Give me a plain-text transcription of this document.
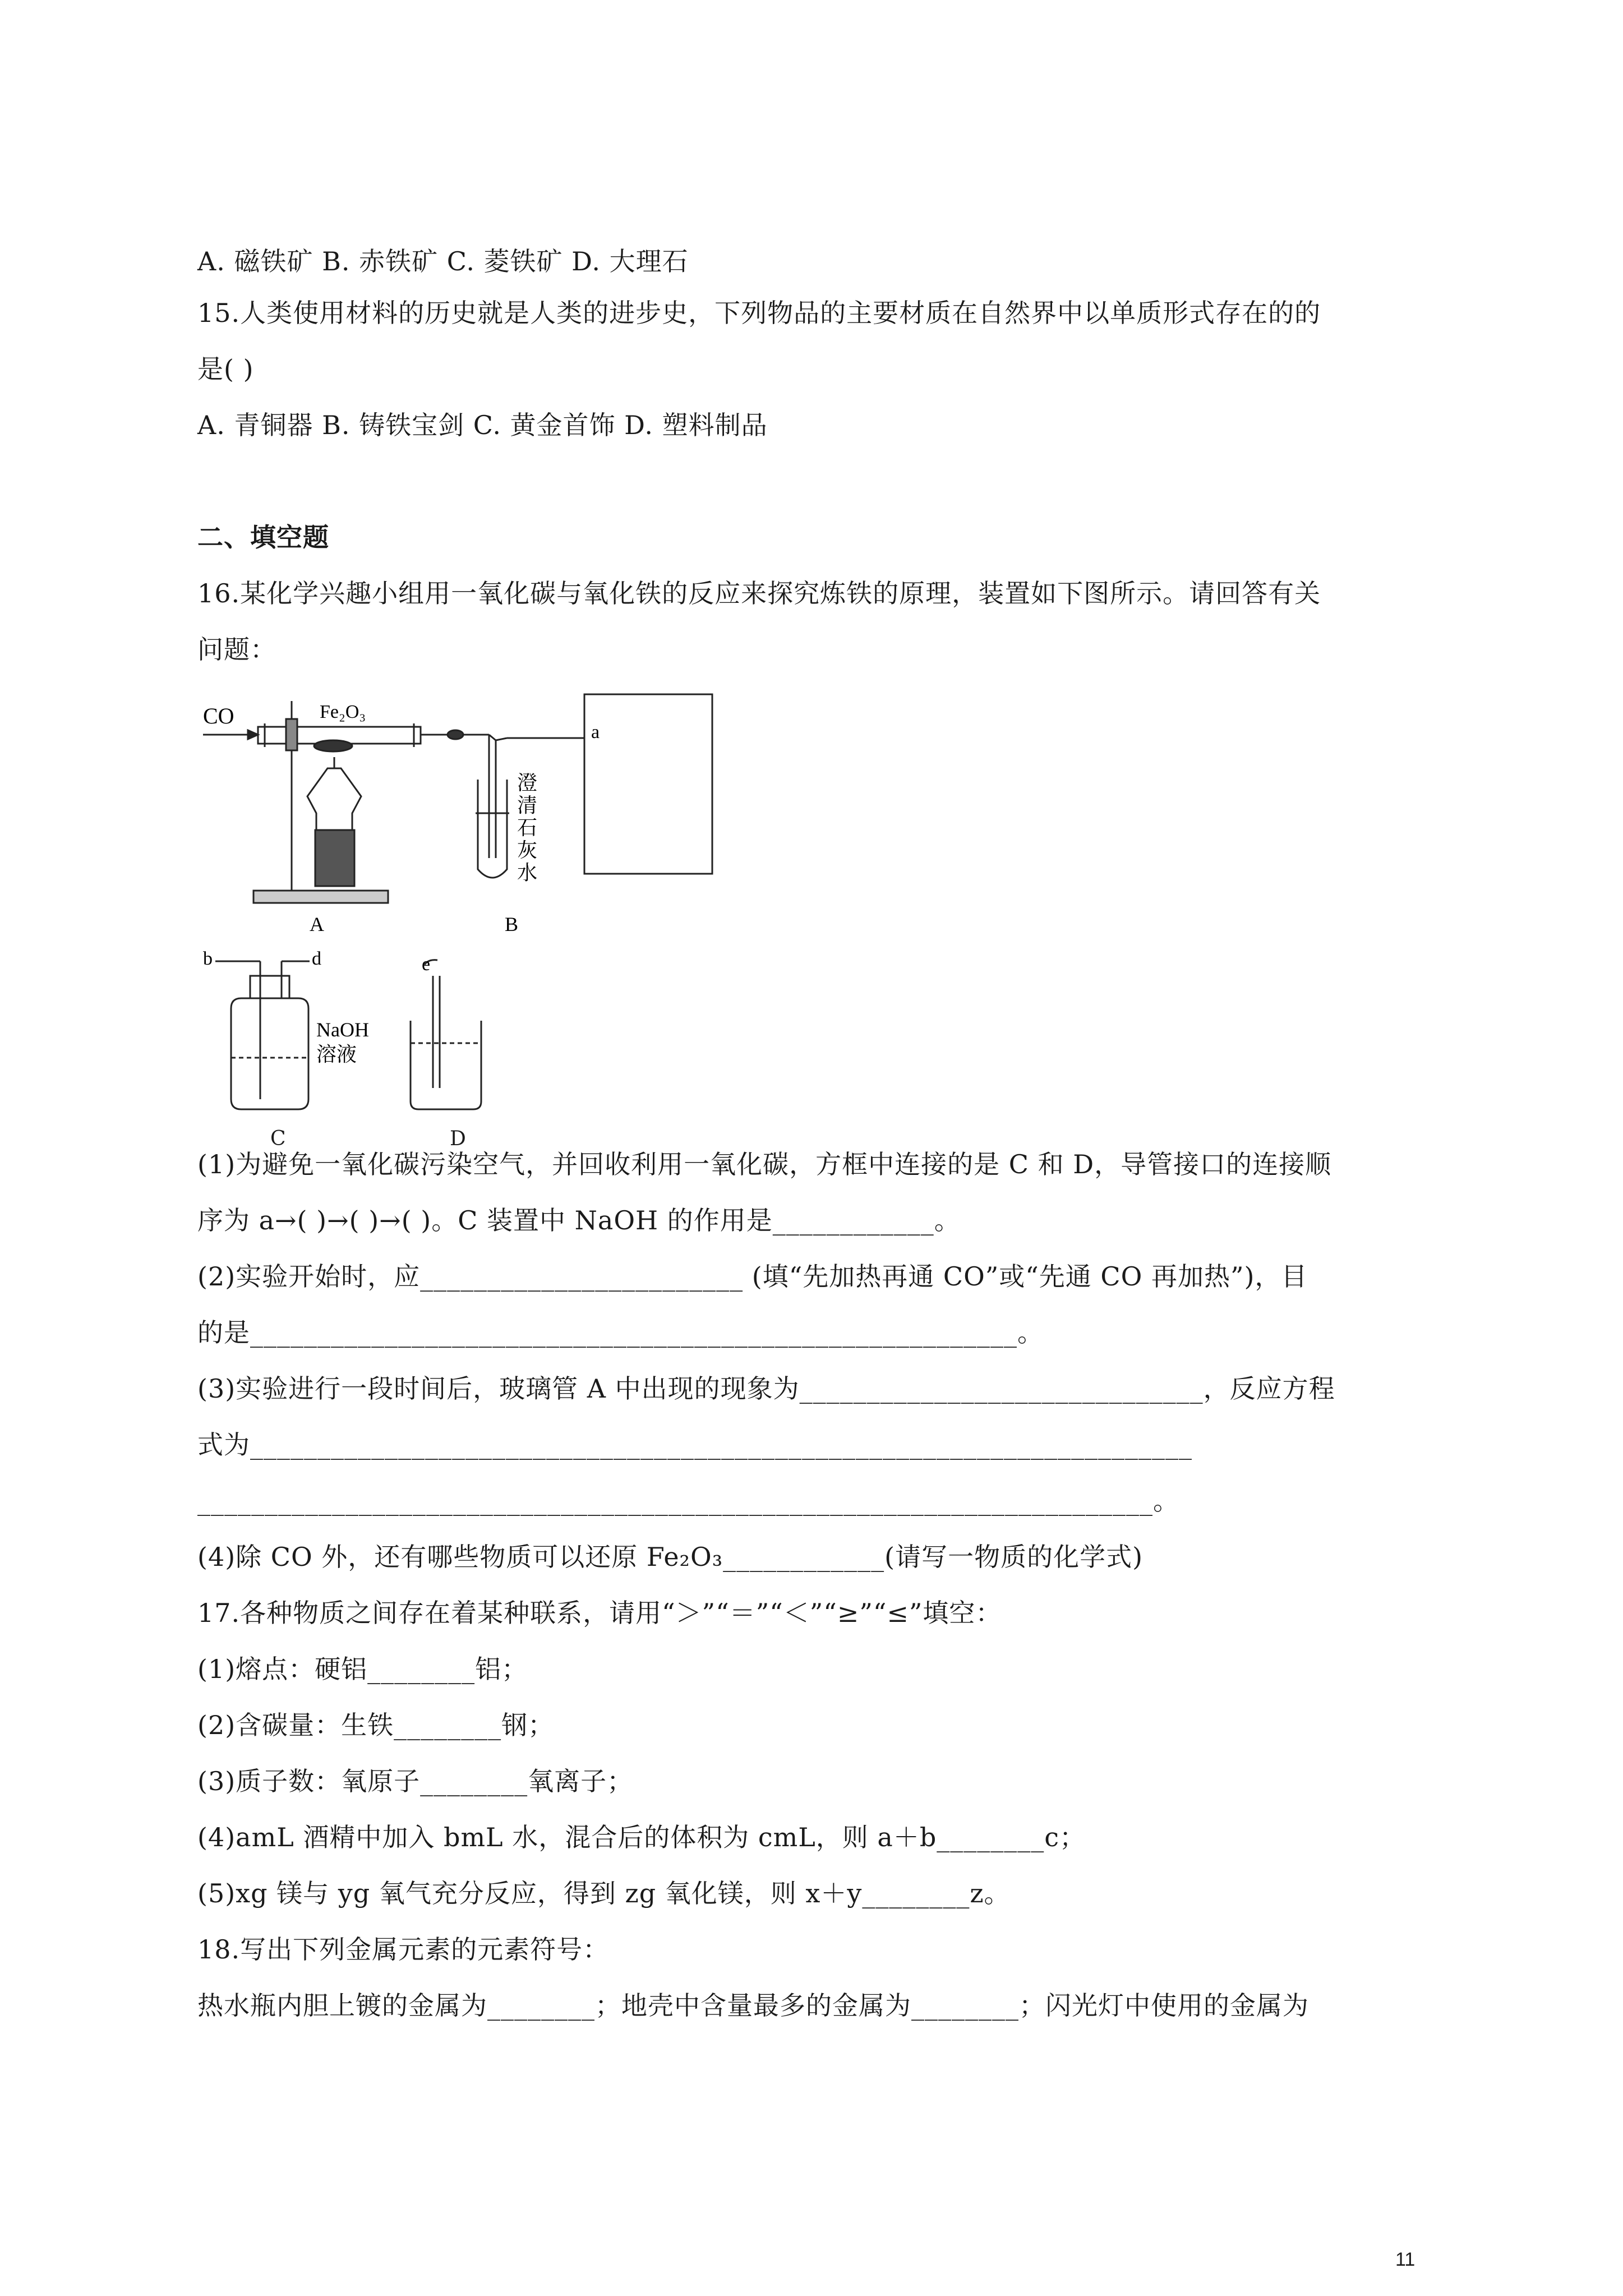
A. 磁铁矿 B. 赤铁矿 C. 菱铁矿 D. 大理石
15.人类使用材料的历史就是人类的进步史，下列物品的主要材质在自然界中以单质形式存在的的
是( )
A. 青铜器 B. 铸铁宝剑 C. 黄金首饰 D. 塑料制品
二、填空题
16.某化学兴趣小组用一氧化碳与氧化铁的反应来探究炼铁的原理，装置如下图所示。请回答有关
问题：
CO	Fe₂O₃
a
澄
清
石
灰
水
A	B
b	d	e
NaOH
溶液
C	D
(1)为避免一氧化碳污染空气，并回收利用一氧化碳，方框中连接的是 C 和 D，导管接口的连接顺
序为 a→( )→( )→( )。C 装置中 NaOH 的作用是____________。
(2)实验开始时，应________________________ (填“先加热再通 CO”或“先通 CO 再加热”)，目
的是_________________________________________________________。
(3)实验进行一段时间后，玻璃管 A 中出现的现象为______________________________，反应方程
式为______________________________________________________________________
_______________________________________________________________________。
(4)除 CO 外，还有哪些物质可以还原 Fe₂O₃____________(请写一物质的化学式)
17.各种物质之间存在着某种联系，请用“＞”“＝”“＜”“≥”“≤”填空：
(1)熔点：硬铝________铝；
(2)含碳量：生铁________钢；
(3)质子数：氧原子________氧离子；
(4)amL 酒精中加入 bmL 水，混合后的体积为 cmL，则 a＋b________c；
(5)xg 镁与 yg 氧气充分反应，得到 zg 氧化镁，则 x＋y________z。
18.写出下列金属元素的元素符号：
热水瓶内胆上镀的金属为________；地壳中含量最多的金属为________；闪光灯中使用的金属为
11
